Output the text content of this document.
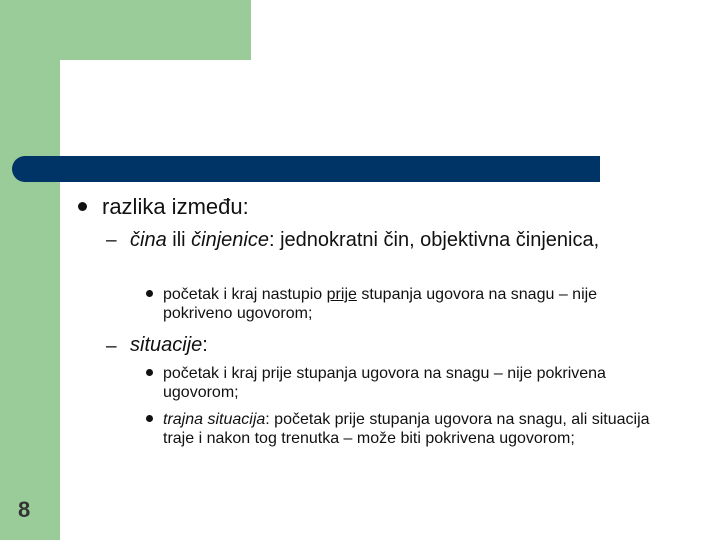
razlika između:
– čina ili činjenice: jednokratni čin, objektivna činjenica,
početak i kraj nastupio prije stupanja ugovora na snagu – nije pokriveno ugovorom;
– situacije:
početak i kraj prije stupanja ugovora na snagu – nije pokrivena ugovorom;
trajna situacija: početak prije stupanja ugovora na snagu, ali situacija traje i nakon tog trenutka – može biti pokrivena ugovorom;
8
